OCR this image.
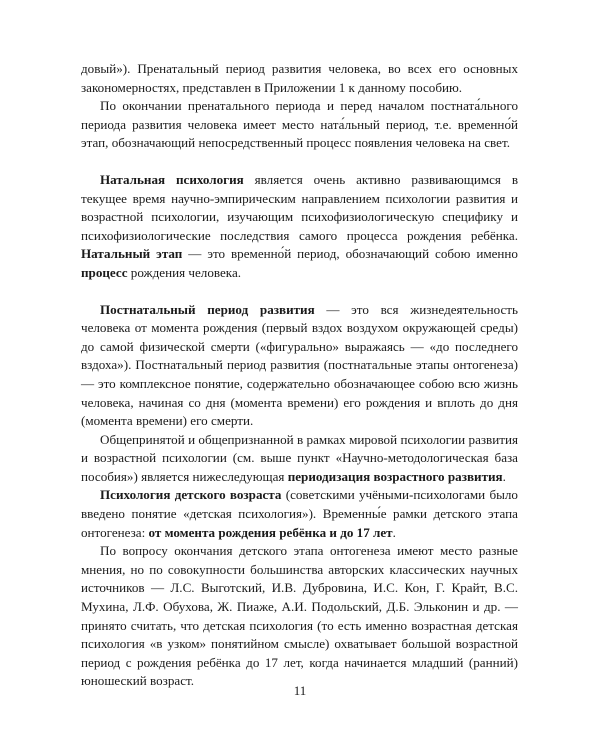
довый»). Пренатальный период развития человека, во всех его основных закономерностях, представлен в Приложении 1 к данному пособию.

По окончании пренатального периода и перед началом постната́льного периода развития человека имеет место ната́льный период, т.е. временно́й этап, обозначающий непосредственный процесс появления человека на свет.

Натальная психология является очень активно развивающимся в текущее время научно-эмпирическим направлением психологии развития и возрастной психологии, изучающим психофизиологическую специфику и психофизиологические последствия самого процесса рождения ребёнка. Натальный этап — это временно́й период, обозначающий собою именно процесс рождения человека.

Постнатальный период развития — это вся жизнедеятельность человека от момента рождения (первый вздох воздухом окружающей среды) до самой физической смерти («фигурально» выражаясь — «до последнего вздоха»). Постнатальный период развития (постнатальные этапы онтогенеза) — это комплексное понятие, содержательно обозначающее собою всю жизнь человека, начиная со дня (момента времени) его рождения и вплоть до дня (момента времени) его смерти.

Общепринятой и общепризнанной в рамках мировой психологии развития и возрастной психологии (см. выше пункт «Научно-методологическая база пособия») является нижеследующая периодизация возрастного развития.

Психология детского возраста (советскими учёными-психологами было введено понятие «детская психология»). Временны́е рамки детского этапа онтогенеза: от момента рождения ребёнка и до 17 лет.

По вопросу окончания детского этапа онтогенеза имеют место разные мнения, но по совокупности большинства авторских классических научных источников — Л.С. Выготский, И.В. Дубровина, И.С. Кон, Г. Крайт, В.С. Мухина, Л.Ф. Обухова, Ж. Пиаже, А.И. Подольский, Д.Б. Эльконин и др. — принято считать, что детская психология (то есть именно возрастная детская психология «в узком» понятийном смысле) охватывает большой возрастной период с рождения ребёнка до 17 лет, когда начинается младший (ранний) юношеский возраст.

11
